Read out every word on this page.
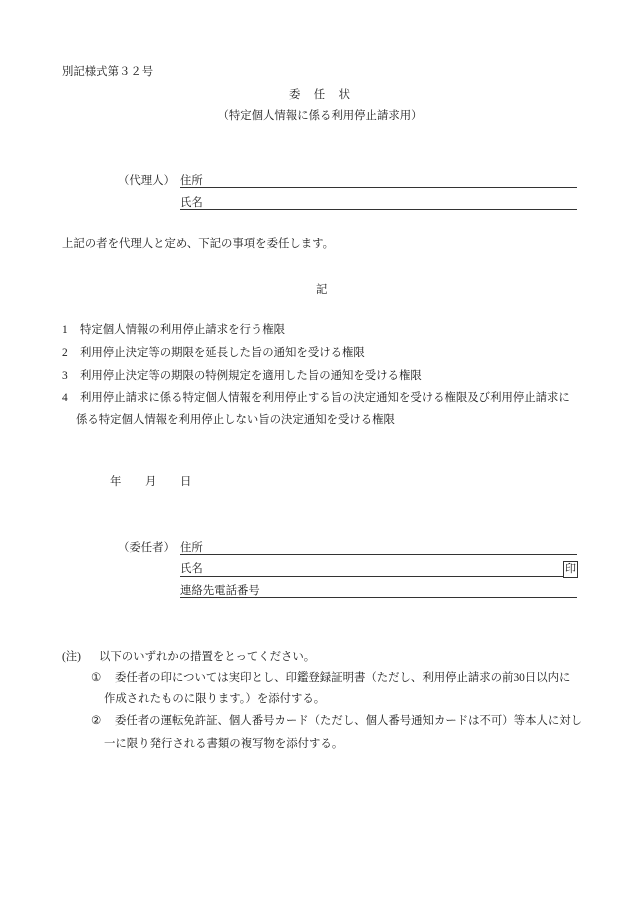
別記様式第３２号
委　任　状
（特定個人情報に係る利用停止請求用）
（代理人） 住所
氏名
上記の者を代理人と定め、下記の事項を委任します。
記
1 特定個人情報の利用停止請求を行う権限
2 利用停止決定等の期限を延長した旨の通知を受ける権限
3 利用停止決定等の期限の特例規定を適用した旨の通知を受ける権限
4 利用停止請求に係る特定個人情報を利用停止する旨の決定通知を受ける権限及び利用停止請求に
係る特定個人情報を利用停止しない旨の決定通知を受ける権限
年 月 日
（委任者） 住所
氏名	印
連絡先電話番号
(注) 以下のいずれかの措置をとってください。
① 委任者の印については実印とし、印鑑登録証明書（ただし、利用停止請求の前30日以内に
作成されたものに限ります。）を添付する。
② 委任者の運転免許証、個人番号カード（ただし、個人番号通知カードは不可）等本人に対し
一に限り発行される書類の複写物を添付する。
